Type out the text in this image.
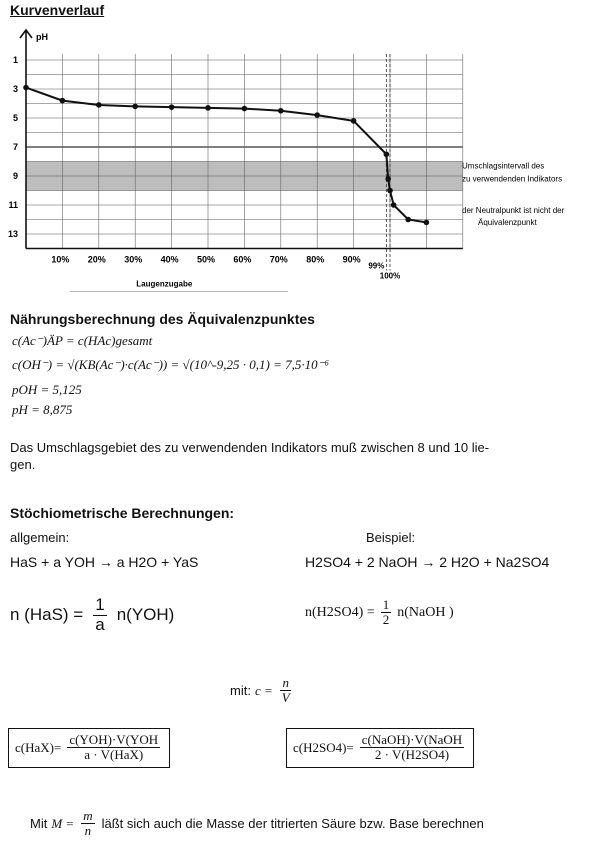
Kurvenverlauf
pH
1
3
5
7
9
11
13
10% 20% 30% 40% 50% 60% 70% 80% 90%
99%
100%
Laugenzugabe
Umschlagsintervall des
zu verwendenden Indikators
der Neutralpunkt ist nicht der
Äquivalenzpunkt
Nährungsberechnung des Äquivalenzpunktes
c(Ac⁻)ÄP = c(HAc)gesamt
c(OH⁻) = √(KB(Ac⁻)·c(Ac⁻)) = √(10^-9,25 · 0,1) = 7,5·10⁻⁶
pOH = 5,125
pH = 8,875
Das Umschlagsgebiet des zu verwendenden Indikators muß zwischen 8 und 10 lie-
gen.
Stöchiometrische Berechnungen:
allgemein:	Beispiel:
HaS + a YOH → a H2O + YaS	H2SO4 + 2 NaOH → 2 H2O + Na2SO4
n $(HaS) = \frac{1}{a} n(YOH)$	$n(H2SO4) = \frac{1}{2}$ n(NaOH )
mit: $c = \frac{n}{V}$
$c(HaX)= \frac{\text{c(YOH)·V(YOH}}{\text{a · V(HaX)}}$	$c(H2SO4)= \frac{\text{c(NaOH)·V(NaOH}}{2 \cdot V(H2SO4)}$
Mit $M = \frac{m}{n}$ läßt sich auch die Masse der titrierten Säure bzw. Base berechnen
